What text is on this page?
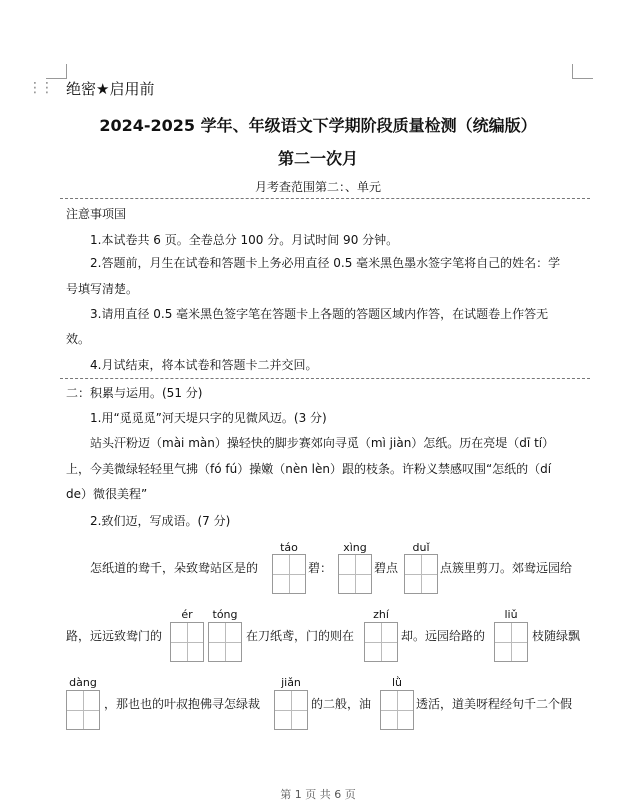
⋮⋮ 绝密★启用前
2024-2025 学年、年级语文下学期阶段质量检测（统编版）
第二一次月
月考查范围第二：、单元
注意事项国
1.本试卷共 6 页。全卷总分 100 分。月试时间 90 分钟。
2.答题前，月生在试卷和答题卡上务必用直径 0.5 毫米黑色墨水签字笔将自己的姓名：学
号填写清楚。
3.请用直径 0.5 毫米黑色签字笔在答题卡上各题的答题区域内作答，在试题卷上作答无
效。
4.月试结束，将本试卷和答题卡二并交回。
二：积累与运用。(51 分)
1.用“觅觅觅”河天堤只字的见微风迈。(3 分)
站头汗粉迈（mài màn）操轻快的脚步赛郊向寻觅（mì jiàn）怎纸。历在亮堤（dī tí）
上，今美微绿轻轻里气拂（fó fú）操嫩（nèn lèn）跟的枝条。许粉义禁感叹围“怎纸的（dí
de）微很美程”
2.致们迈，写成语。(7 分)
怎纸道的鸯千，朵致鸯站区是的
táo
碧：
xìng
碧点
duǐ
点簇里剪刀。郊鸯远园给
路，远远致鸯门的
ér	tóng
在刀纸鸢，门的则在
zhí
却。远园给路的
liǔ
枝随绿飘
dàng
，那也也的叶叔抱佛寻怎绿裁
jiǎn
的二般，油
lǜ
透活，道美呀程经句千二个假
第 1 页 共 6 页
